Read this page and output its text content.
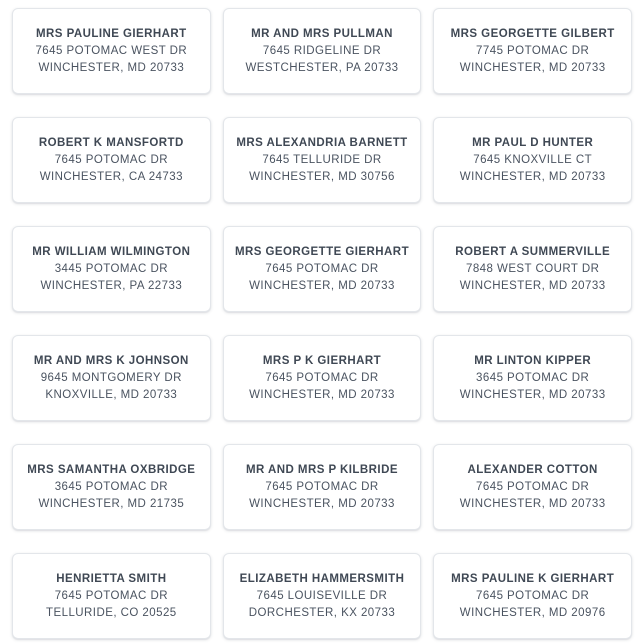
MRS PAULINE GIERHART
7645 POTOMAC WEST DR
WINCHESTER, MD 20733
MR AND MRS PULLMAN
7645 RIDGELINE DR
WESTCHESTER, PA 20733
MRS GEORGETTE GILBERT
7745 POTOMAC DR
WINCHESTER, MD 20733
ROBERT K MANSFORTD
7645 POTOMAC DR
WINCHESTER, CA 24733
MRS ALEXANDRIA BARNETT
7645 TELLURIDE DR
WINCHESTER, MD 30756
MR PAUL D HUNTER
7645 KNOXVILLE CT
WINCHESTER, MD 20733
MR WILLIAM WILMINGTON
3445 POTOMAC DR
WINCHESTER, PA 22733
MRS GEORGETTE GIERHART
7645 POTOMAC DR
WINCHESTER, MD 20733
ROBERT A SUMMERVILLE
7848 WEST COURT DR
WINCHESTER, MD 20733
MR AND MRS K JOHNSON
9645 MONTGOMERY DR
KNOXVILLE, MD 20733
MRS P K GIERHART
7645 POTOMAC DR
WINCHESTER, MD 20733
MR LINTON KIPPER
3645 POTOMAC DR
WINCHESTER, MD 20733
MRS SAMANTHA OXBRIDGE
3645 POTOMAC DR
WINCHESTER, MD 21735
MR AND MRS P KILBRIDE
7645 POTOMAC DR
WINCHESTER, MD 20733
ALEXANDER COTTON
7645 POTOMAC DR
WINCHESTER, MD 20733
HENRIETTA SMITH
7645 POTOMAC DR
TELLURIDE, CO 20525
ELIZABETH HAMMERSMITH
7645 LOUISEVILLE DR
DORCHESTER, KX 20733
MRS PAULINE K GIERHART
7645 POTOMAC DR
WINCHESTER, MD 20976
